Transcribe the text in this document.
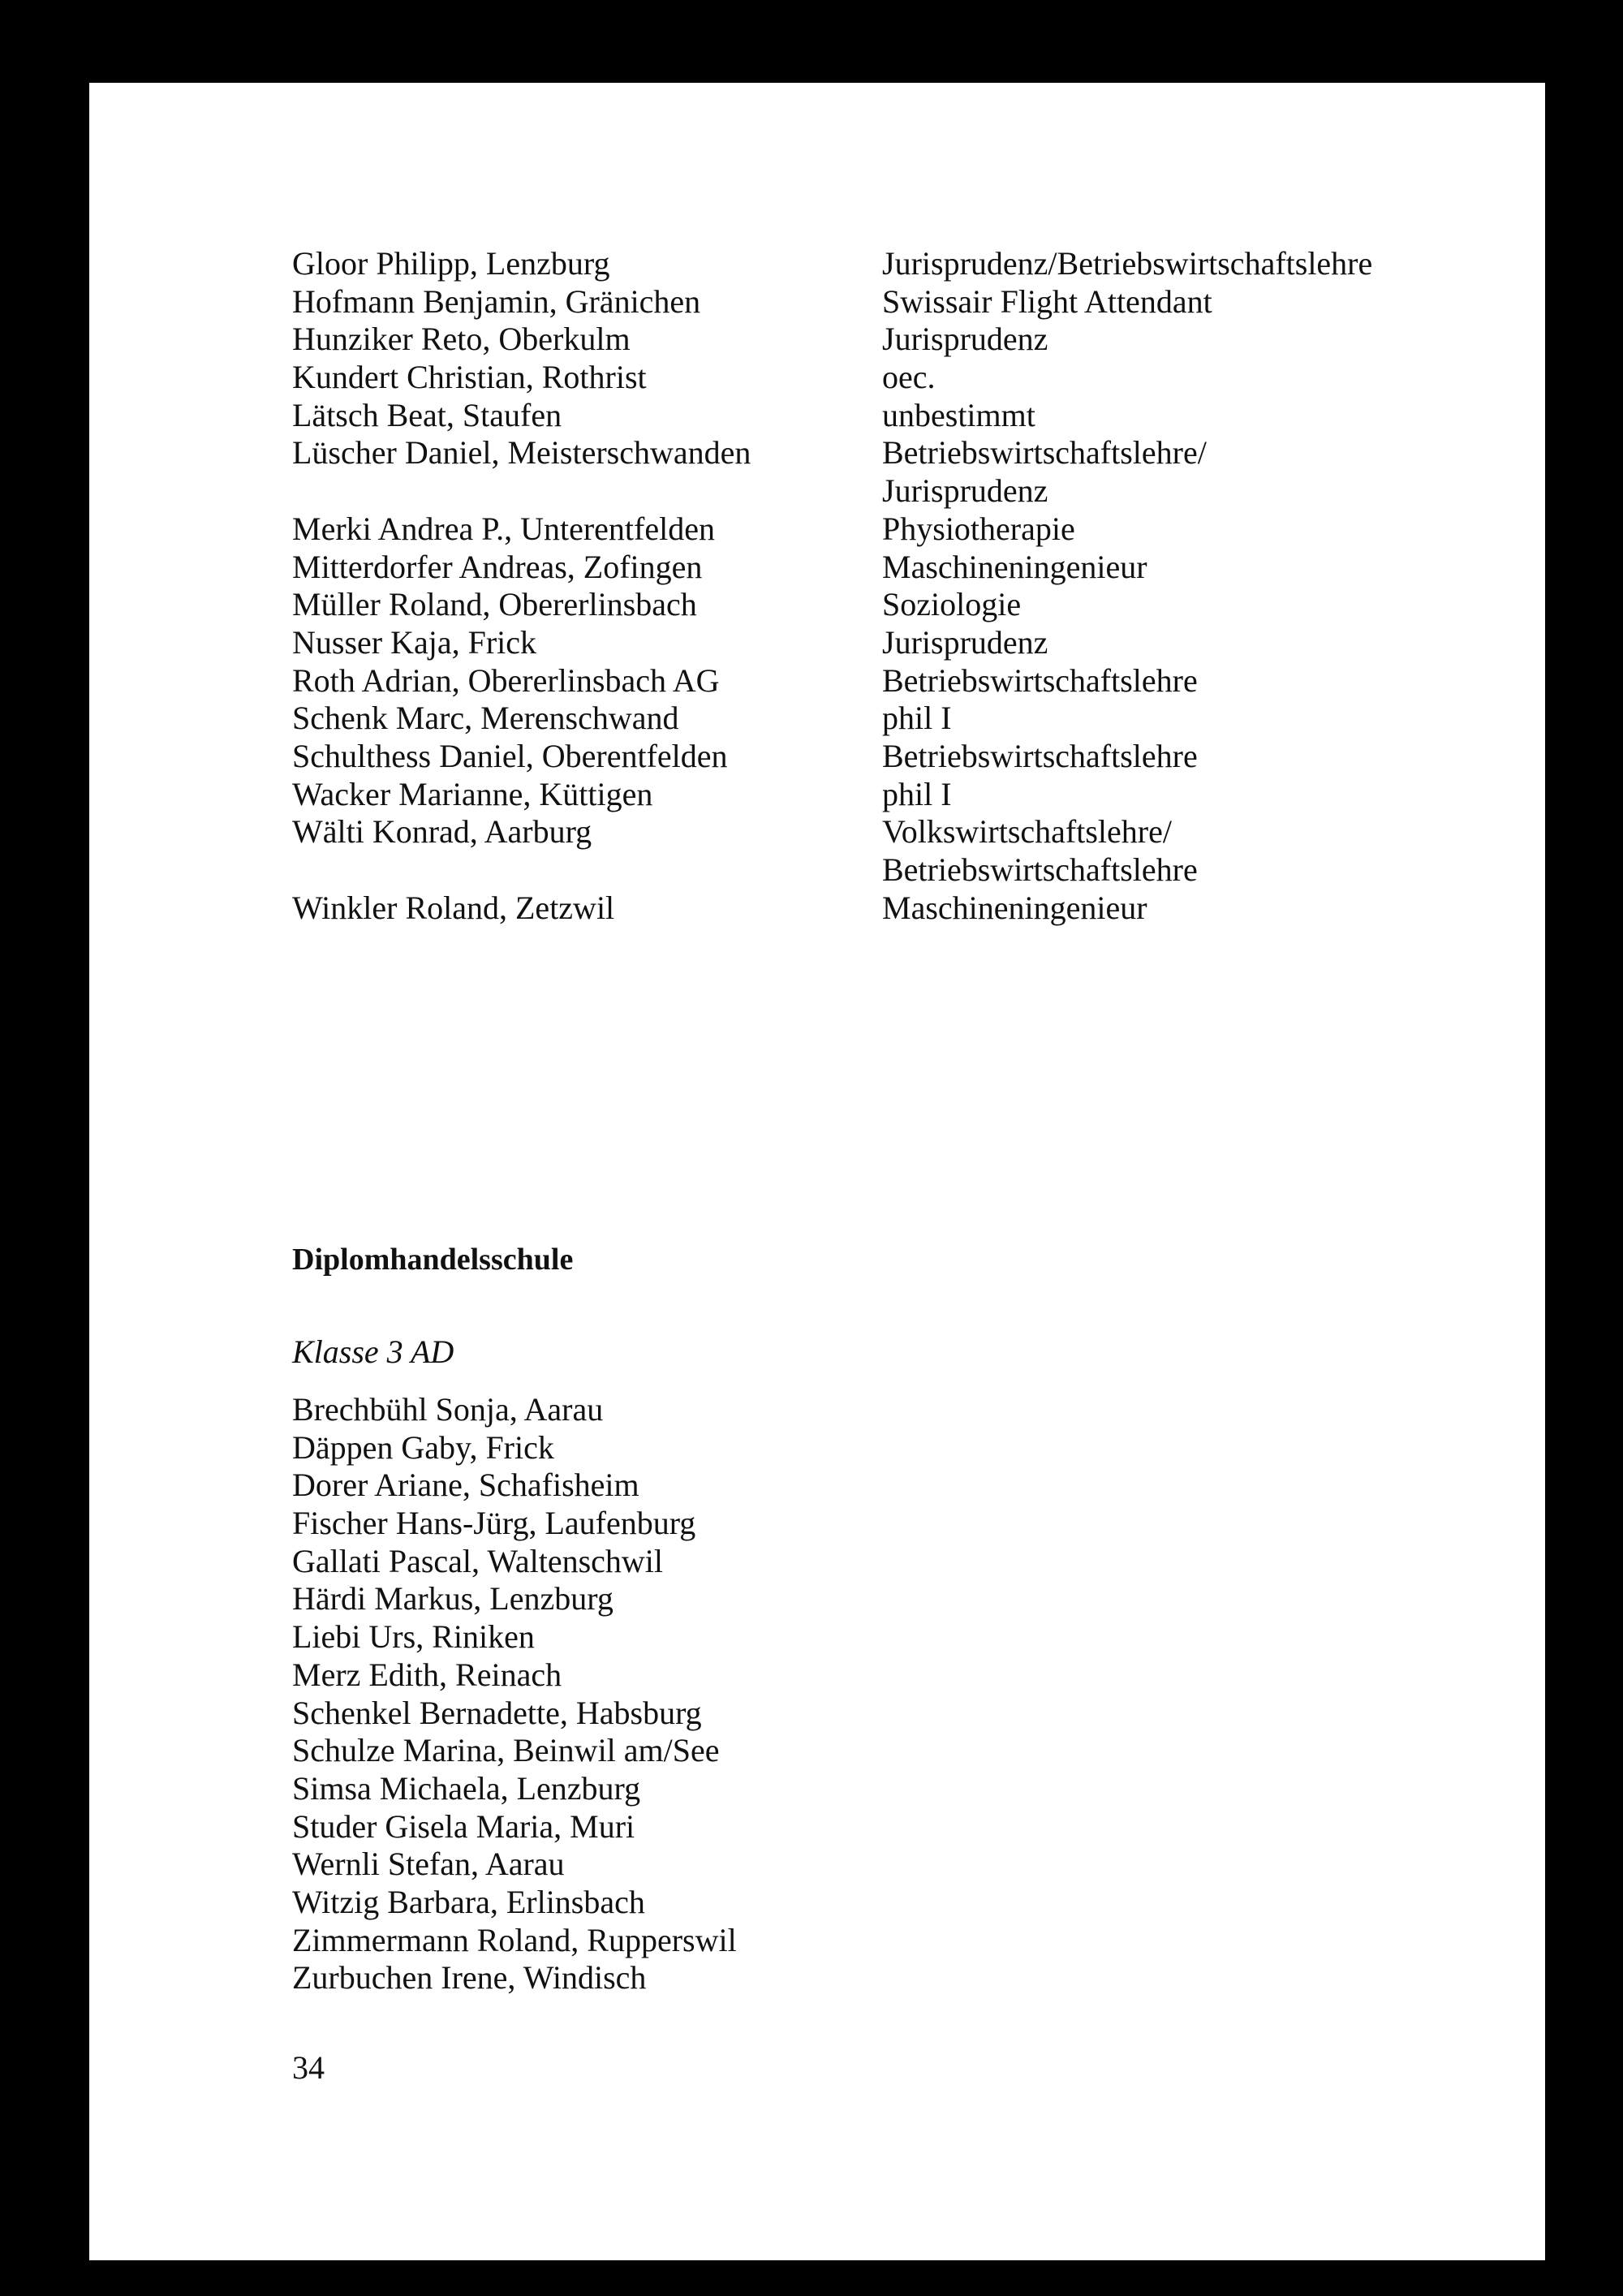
Gloor Philipp, Lenzburg
Hofmann Benjamin, Gränichen
Hunziker Reto, Oberkulm
Kundert Christian, Rothrist
Lätsch Beat, Staufen
Lüscher Daniel, Meisterschwanden
Merki Andrea P., Unterentfelden
Mitterdorfer Andreas, Zofingen
Müller Roland, Obererlinsbach
Nusser Kaja, Frick
Roth Adrian, Obererlinsbach AG
Schenk Marc, Merenschwand
Schulthess Daniel, Oberentfelden
Wacker Marianne, Küttigen
Wälti Konrad, Aarburg
Winkler Roland, Zetzwil
Jurisprudenz/Betriebswirtschaftslehre
Swissair Flight Attendant
Jurisprudenz
oec.
unbestimmt
Betriebswirtschaftslehre/
Jurisprudenz
Physiotherapie
Maschineningenieur
Soziologie
Jurisprudenz
Betriebswirtschaftslehre
phil I
Betriebswirtschaftslehre
phil I
Volkswirtschaftslehre/
Betriebswirtschaftslehre
Maschineningenieur
Diplomhandelsschule
Klasse 3 AD
Brechbühl Sonja, Aarau
Däppen Gaby, Frick
Dorer Ariane, Schafisheim
Fischer Hans-Jürg, Laufenburg
Gallati Pascal, Waltenschwil
Härdi Markus, Lenzburg
Liebi Urs, Riniken
Merz Edith, Reinach
Schenkel Bernadette, Habsburg
Schulze Marina, Beinwil am/See
Simsa Michaela, Lenzburg
Studer Gisela Maria, Muri
Wernli Stefan, Aarau
Witzig Barbara, Erlinsbach
Zimmermann Roland, Rupperswil
Zurbuchen Irene, Windisch
34
